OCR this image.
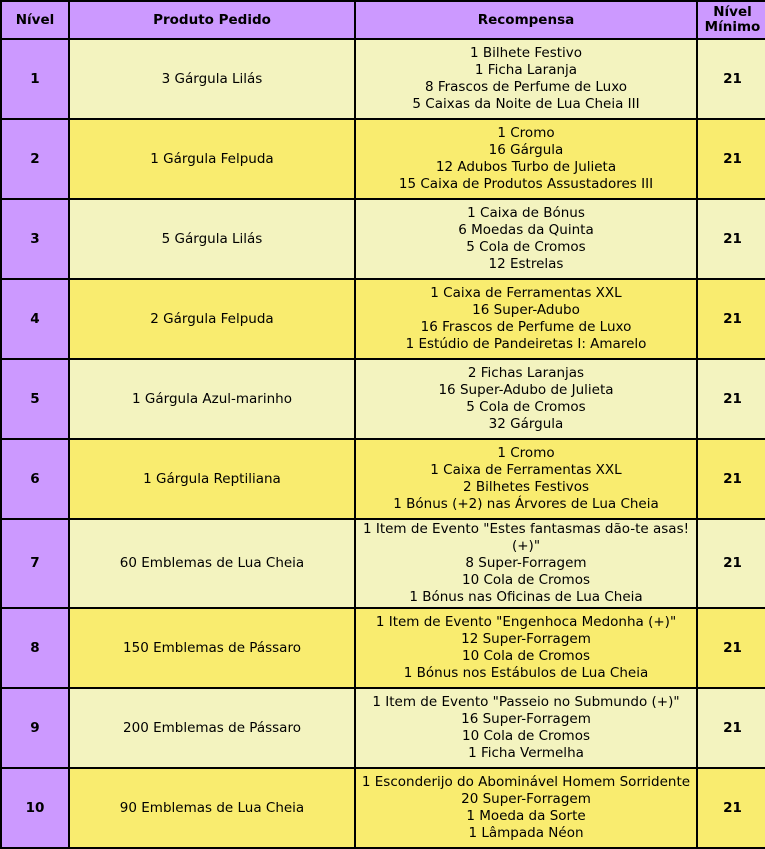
Nível	Produto Pedido	Recompensa	Nível
Mínimo

1	3 Gárgula Lilás	1 Bilhete Festivo
1 Ficha Laranja
8 Frascos de Perfume de Luxo
5 Caixas da Noite de Lua Cheia III	21
2	1 Gárgula Felpuda	1 Cromo
16 Gárgula
12 Adubos Turbo de Julieta
15 Caixa de Produtos Assustadores III	21
3	5 Gárgula Lilás	1 Caixa de Bónus
6 Moedas da Quinta
5 Cola de Cromos
12 Estrelas	21
4	2 Gárgula Felpuda	1 Caixa de Ferramentas XXL
16 Super-Adubo
16 Frascos de Perfume de Luxo
1 Estúdio de Pandeiretas I: Amarelo	21
5	1 Gárgula Azul-marinho	2 Fichas Laranjas
16 Super-Adubo de Julieta
5 Cola de Cromos
32 Gárgula	21
6	1 Gárgula Reptiliana	1 Cromo
1 Caixa de Ferramentas XXL
2 Bilhetes Festivos
1 Bónus (+2) nas Árvores de Lua Cheia	21
7	60 Emblemas de Lua Cheia	1 Item de Evento "Estes fantasmas dão-te asas!
(+)"
8 Super-Forragem
10 Cola de Cromos
1 Bónus nas Oficinas de Lua Cheia	21
8	150 Emblemas de Pássaro	1 Item de Evento "Engenhoca Medonha (+)"
12 Super-Forragem
10 Cola de Cromos
1 Bónus nos Estábulos de Lua Cheia	21
9	200 Emblemas de Pássaro	1 Item de Evento "Passeio no Submundo (+)"
16 Super-Forragem
10 Cola de Cromos
1 Ficha Vermelha	21
10	90 Emblemas de Lua Cheia	1 Esconderijo do Abominável Homem Sorridente
20 Super-Forragem
1 Moeda da Sorte
1 Lâmpada Néon	21
